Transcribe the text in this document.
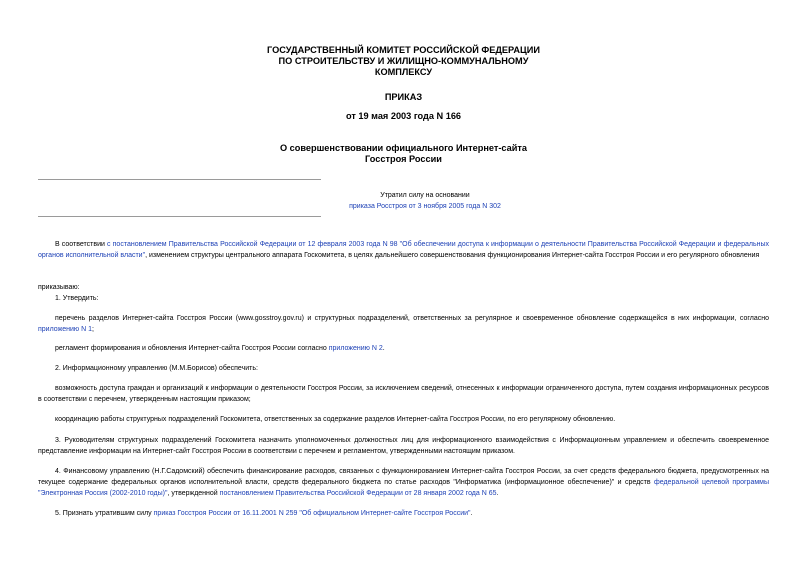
ГОСУДАРСТВЕННЫЙ КОМИТЕТ РОССИЙСКОЙ ФЕДЕРАЦИИ
ПО СТРОИТЕЛЬСТВУ И ЖИЛИЩНО-КОММУНАЛЬНОМУ
КОМПЛЕКСУ
ПРИКАЗ
от 19 мая 2003 года N 166
О совершенствовании официального Интернет-сайта
Госстроя России
Утратил силу на основании
приказа Росстроя от 3 ноября 2005 года N 302
В соответствии с постановлением Правительства Российской Федерации от 12 февраля 2003 года N 98 "Об обеспечении доступа к информации о деятельности Правительства Российской Федерации и федеральных органов исполнительной власти", изменением структуры центрального аппарата Госкомитета, в целях дальнейшего совершенствования функционирования Интернет-сайта Госстроя России и его регулярного обновления
приказываю:
1. Утвердить:
перечень разделов Интернет-сайта Госстроя России (www.gosstroy.gov.ru) и структурных подразделений, ответственных за регулярное и своевременное обновление содержащейся в них информации, согласно приложению N 1;
регламент формирования и обновления Интернет-сайта Госстроя России согласно приложению N 2.
2. Информационному управлению (М.М.Борисов) обеспечить:
возможность доступа граждан и организаций к информации о деятельности Госстроя России, за исключением сведений, отнесенных к информации ограниченного доступа, путем создания информационных ресурсов в соответствии с перечнем, утвержденным настоящим приказом;
координацию работы структурных подразделений Госкомитета, ответственных за содержание разделов Интернет-сайта Госстроя России, по его регулярному обновлению.
3. Руководителям структурных подразделений Госкомитета назначить уполномоченных должностных лиц для информационного взаимодействия с Информационным управлением и обеспечить своевременное представление информации на Интернет-сайт Госстроя России в соответствии с перечнем и регламентом, утвержденными настоящим приказом.
4. Финансовому управлению (Н.Г.Садомский) обеспечить финансирование расходов, связанных с функционированием Интернет-сайта Госстроя России, за счет средств федерального бюджета, предусмотренных на текущее содержание федеральных органов исполнительной власти, средств федерального бюджета по статье расходов "Информатика (информационное обеспечение)" и средств федеральной целевой программы "Электронная Россия (2002-2010 годы)", утвержденной постановлением Правительства Российской Федерации от 28 января 2002 года N 65.
5. Признать утратившим силу приказ Госстроя России от 16.11.2001 N 259 "Об официальном Интернет-сайте Госстроя России".
